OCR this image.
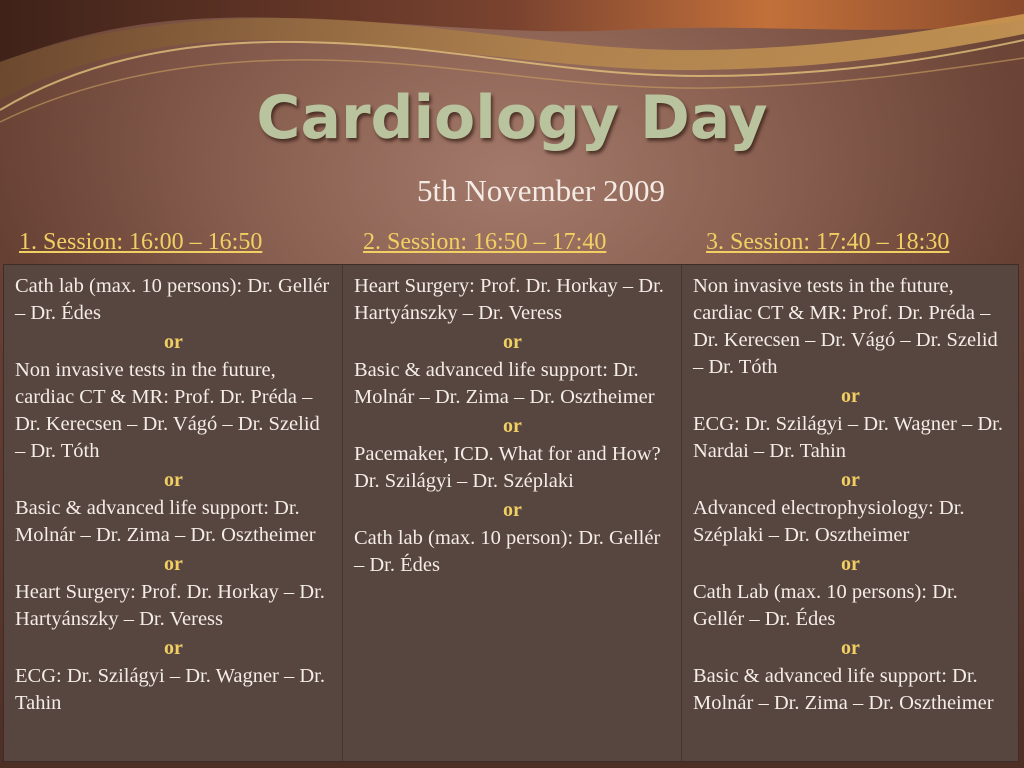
Cardiology Day
5th November 2009
1. Session: 16:00 – 16:50	2. Session: 16:50 – 17:40	3. Session: 17:40 – 18:30
Cath lab (max. 10 persons): Dr. Gellér – Dr. Édes
or
Non invasive tests in the future, cardiac CT & MR: Prof. Dr. Préda – Dr. Kerecsen – Dr. Vágó – Dr. Szelid – Dr. Tóth
or
Basic & advanced life support: Dr. Molnár – Dr. Zima – Dr. Osztheimer
or
Heart Surgery: Prof. Dr. Horkay – Dr. Hartyánszky – Dr. Veress
or
ECG: Dr. Szilágyi – Dr. Wagner – Dr. Tahin
Heart Surgery: Prof. Dr. Horkay – Dr. Hartyánszky – Dr. Veress
or
Basic & advanced life support: Dr. Molnár – Dr. Zima – Dr. Osztheimer
or
Pacemaker, ICD. What for and How? Dr. Szilágyi – Dr. Széplaki
or
Cath lab (max. 10 person): Dr. Gellér – Dr. Édes
Non invasive tests in the future, cardiac CT & MR: Prof. Dr. Préda – Dr. Kerecsen – Dr. Vágó – Dr. Szelid – Dr. Tóth
or
ECG: Dr. Szilágyi – Dr. Wagner – Dr. Nardai – Dr. Tahin
or
Advanced electrophysiology: Dr. Széplaki – Dr. Osztheimer
or
Cath Lab (max. 10 persons): Dr. Gellér – Dr. Édes
or
Basic & advanced life support: Dr. Molnár – Dr. Zima – Dr. Osztheimer
